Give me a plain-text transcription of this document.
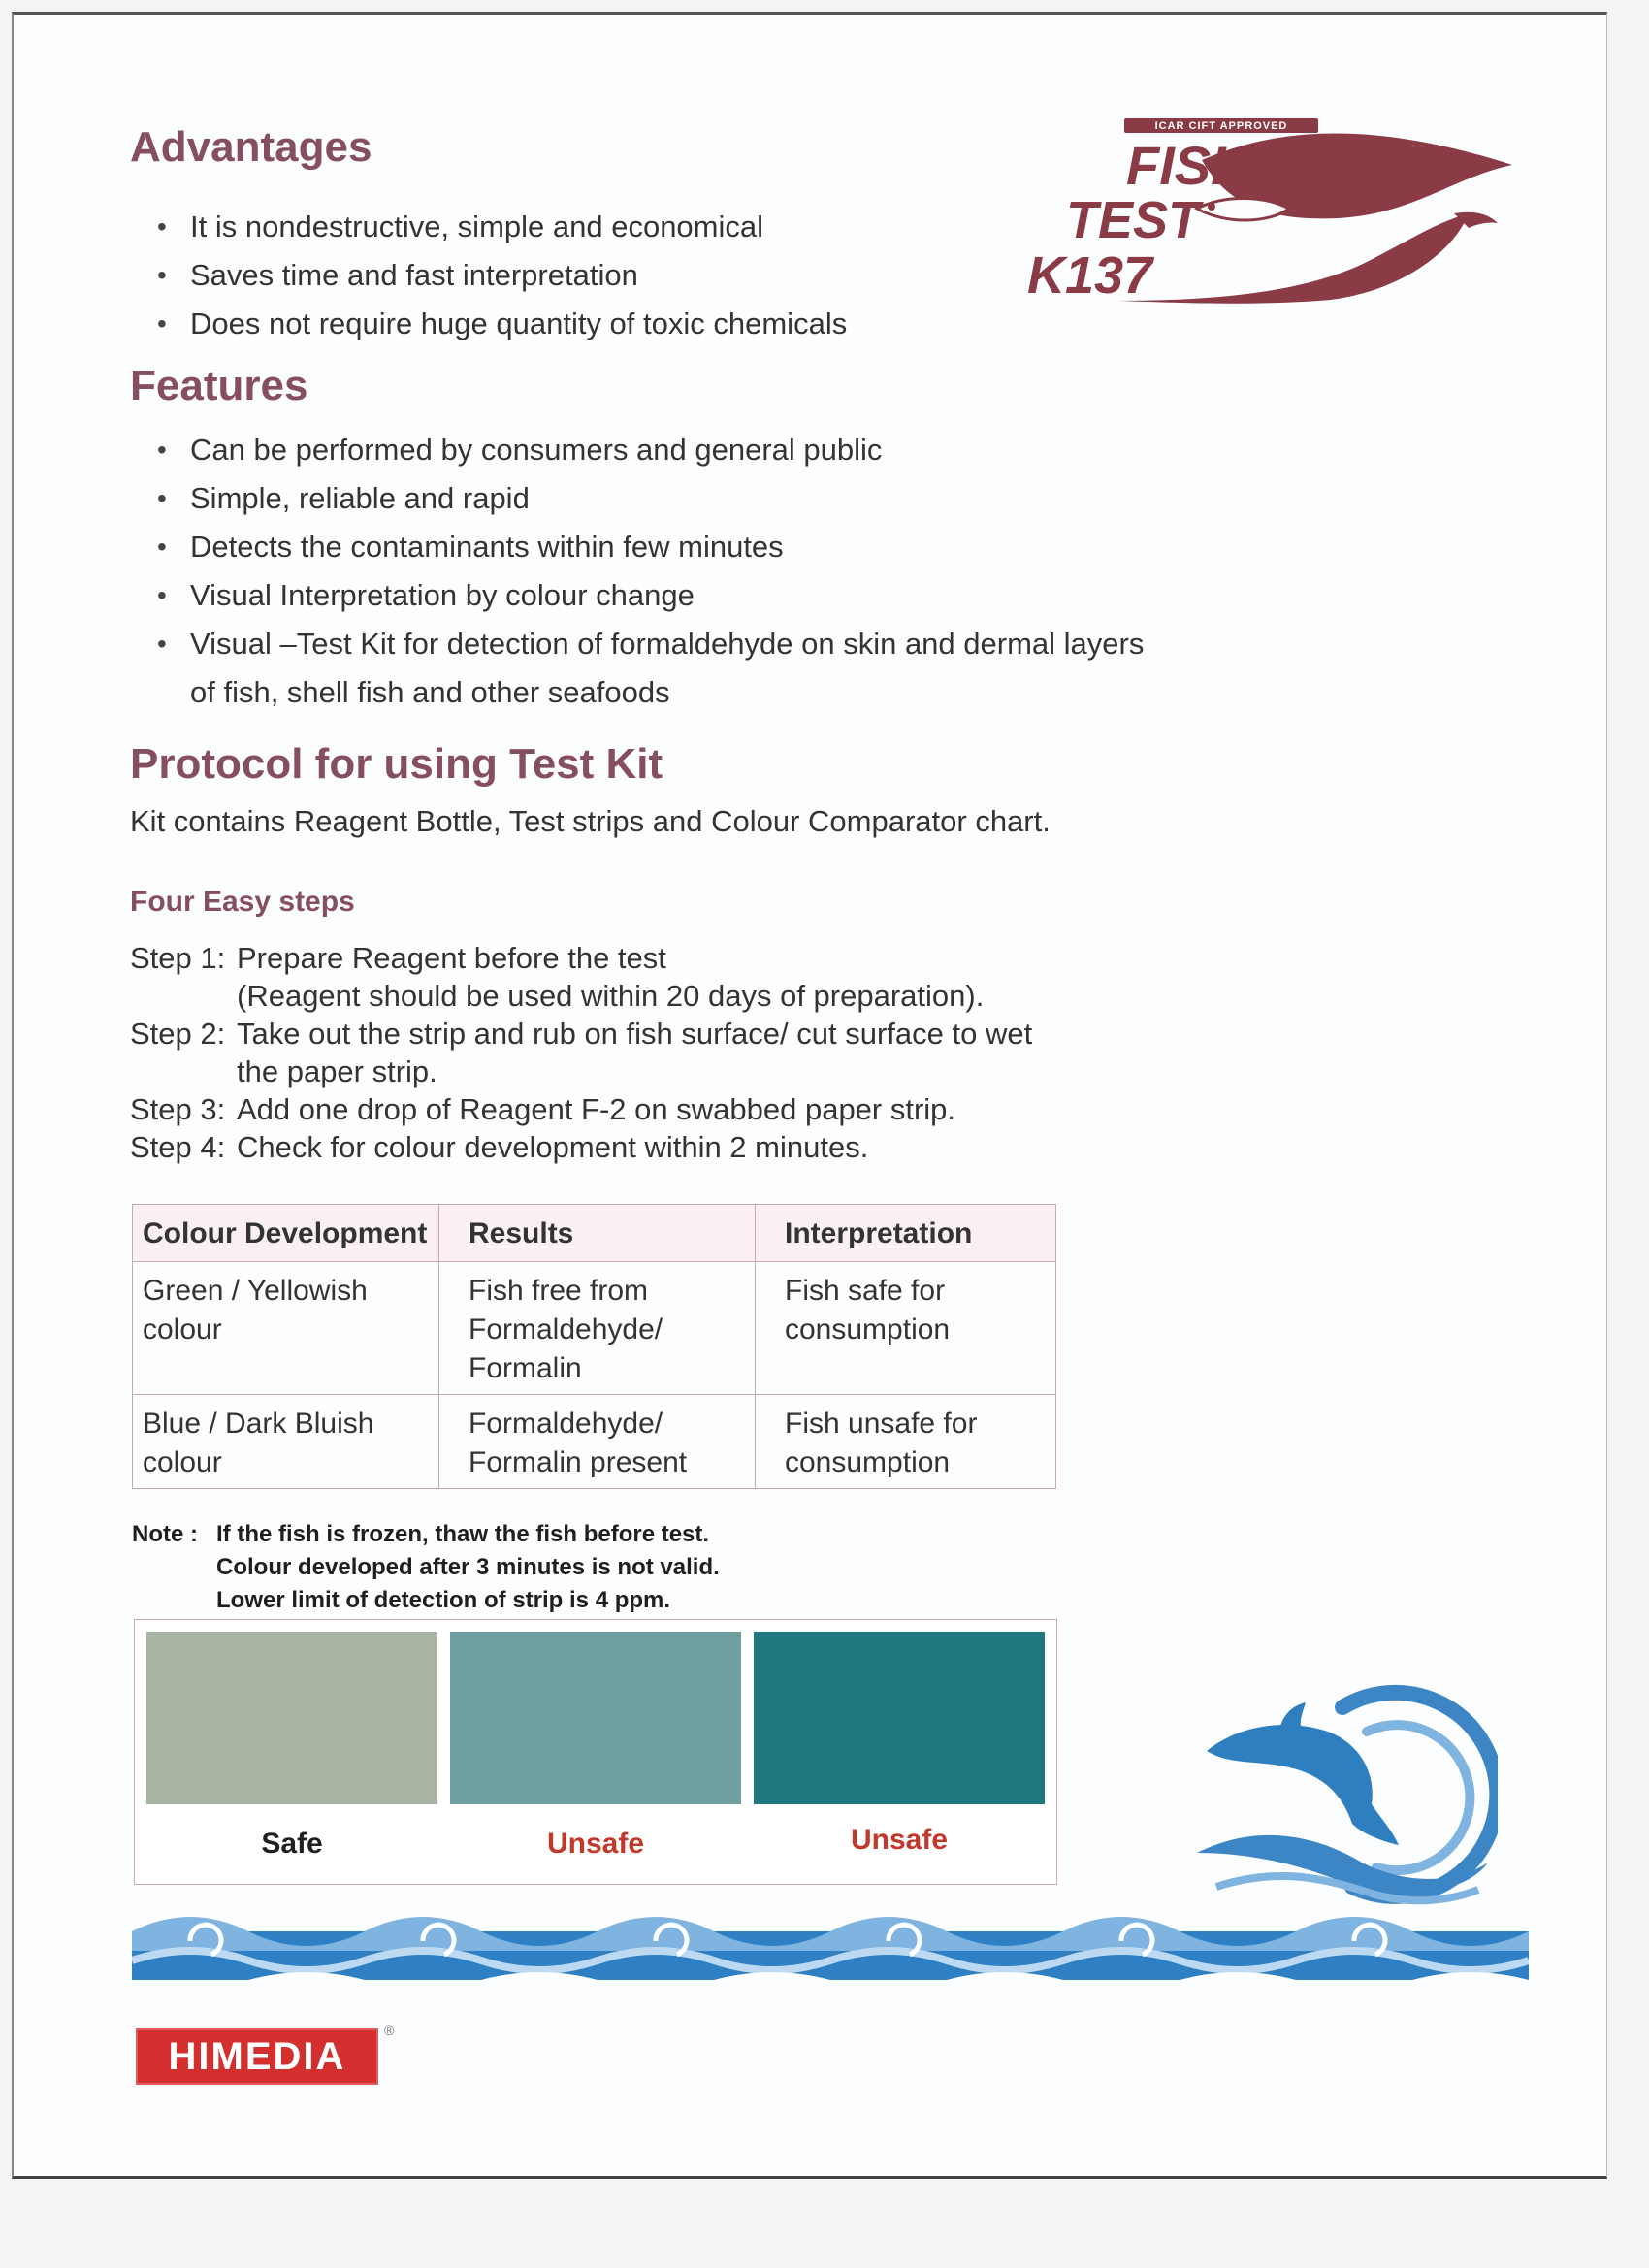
ICAR CIFT APPROVED
FISH
TEST
K137
Advantages
• It is nondestructive, simple and economical
• Saves time and fast interpretation
• Does not require huge quantity of toxic chemicals
Features
• Can be performed by consumers and general public
• Simple, reliable and rapid
• Detects the contaminants within few minutes
• Visual Interpretation by colour change
• Visual –Test Kit for detection of formaldehyde on skin and dermal layers of fish, shell fish and other seafoods
Protocol for using Test Kit
Kit contains Reagent Bottle, Test strips and Colour Comparator chart.
Four Easy steps
Step 1: Prepare Reagent before the test
(Reagent should be used within 20 days of preparation).
Step 2: Take out the strip and rub on fish surface/ cut surface to wet
the paper strip.
Step 3: Add one drop of Reagent F-2 on swabbed paper strip.
Step 4: Check for colour development within 2 minutes.
Colour Development	Results	Interpretation
Green / Yellowish colour	Fish free from Formaldehyde/ Formalin	Fish safe for consumption
Blue / Dark Bluish colour	Formaldehyde/ Formalin present	Fish unsafe for consumption
Note : If the fish is frozen, thaw the fish before test.
Colour developed after 3 minutes is not valid.
Lower limit of detection of strip is 4 ppm.
Safe	Unsafe	Unsafe
HIMEDIA
®
